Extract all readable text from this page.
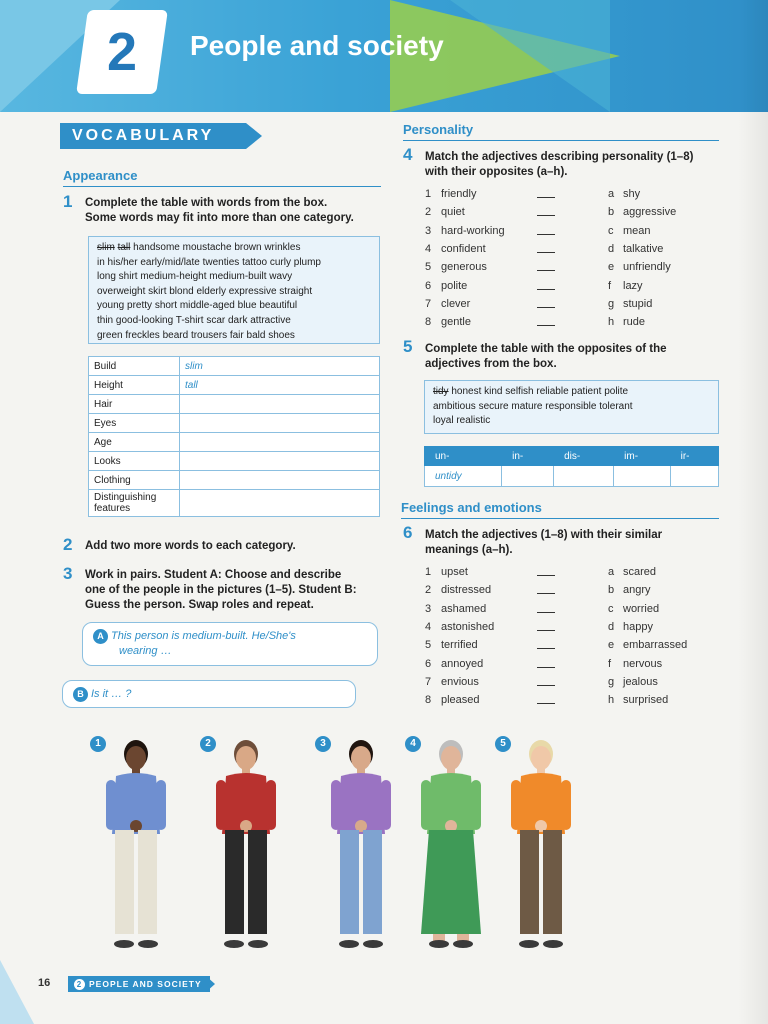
2	People and society
VOCABULARY
Appearance
1 Complete the table with words from the box.
Some words may fit into more than one category.
slim tall handsome moustache brown wrinkles
in his/her early/mid/late twenties tattoo curly plump
long shirt medium-height medium-built wavy
overweight skirt blond elderly expressive straight
young pretty short middle-aged blue beautiful
thin good-looking T-shirt scar dark attractive
green freckles beard trousers fair bald shoes
Build	slim
Height	tall
Hair	
Eyes	
Age	
Looks	
Clothing	
Distinguishing features	
2 Add two more words to each category.
3 Work in pairs. Student A: Choose and describe
one of the people in the pictures (1–5). Student B:
Guess the person. Swap roles and repeat.
A This person is medium-built. He/She's
wearing …
B Is it … ?
Personality
4 Match the adjectives describing personality (1–8)
with their opposites (a–h).
1 friendly	a shy
2 quiet	b aggressive
3 hard-working	c mean
4 confident	d talkative
5 generous	e unfriendly
6 polite	f lazy
7 clever	g stupid
8 gentle	h rude
5 Complete the table with the opposites of the
adjectives from the box.
tidy honest kind selfish reliable patient polite
ambitious secure mature responsible tolerant
loyal realistic
un-	in-	dis-	im-	ir-
untidy				
Feelings and emotions
6 Match the adjectives (1–8) with their similar
meanings (a–h).
1 upset	a scared
2 distressed	b angry
3 ashamed	c worried
4 astonished	d happy
5 terrified	e embarrassed
6 annoyed	f nervous
7 envious	g jealous
8 pleased	h surprised
1	2	3	4	5
16	2 PEOPLE AND SOCIETY
